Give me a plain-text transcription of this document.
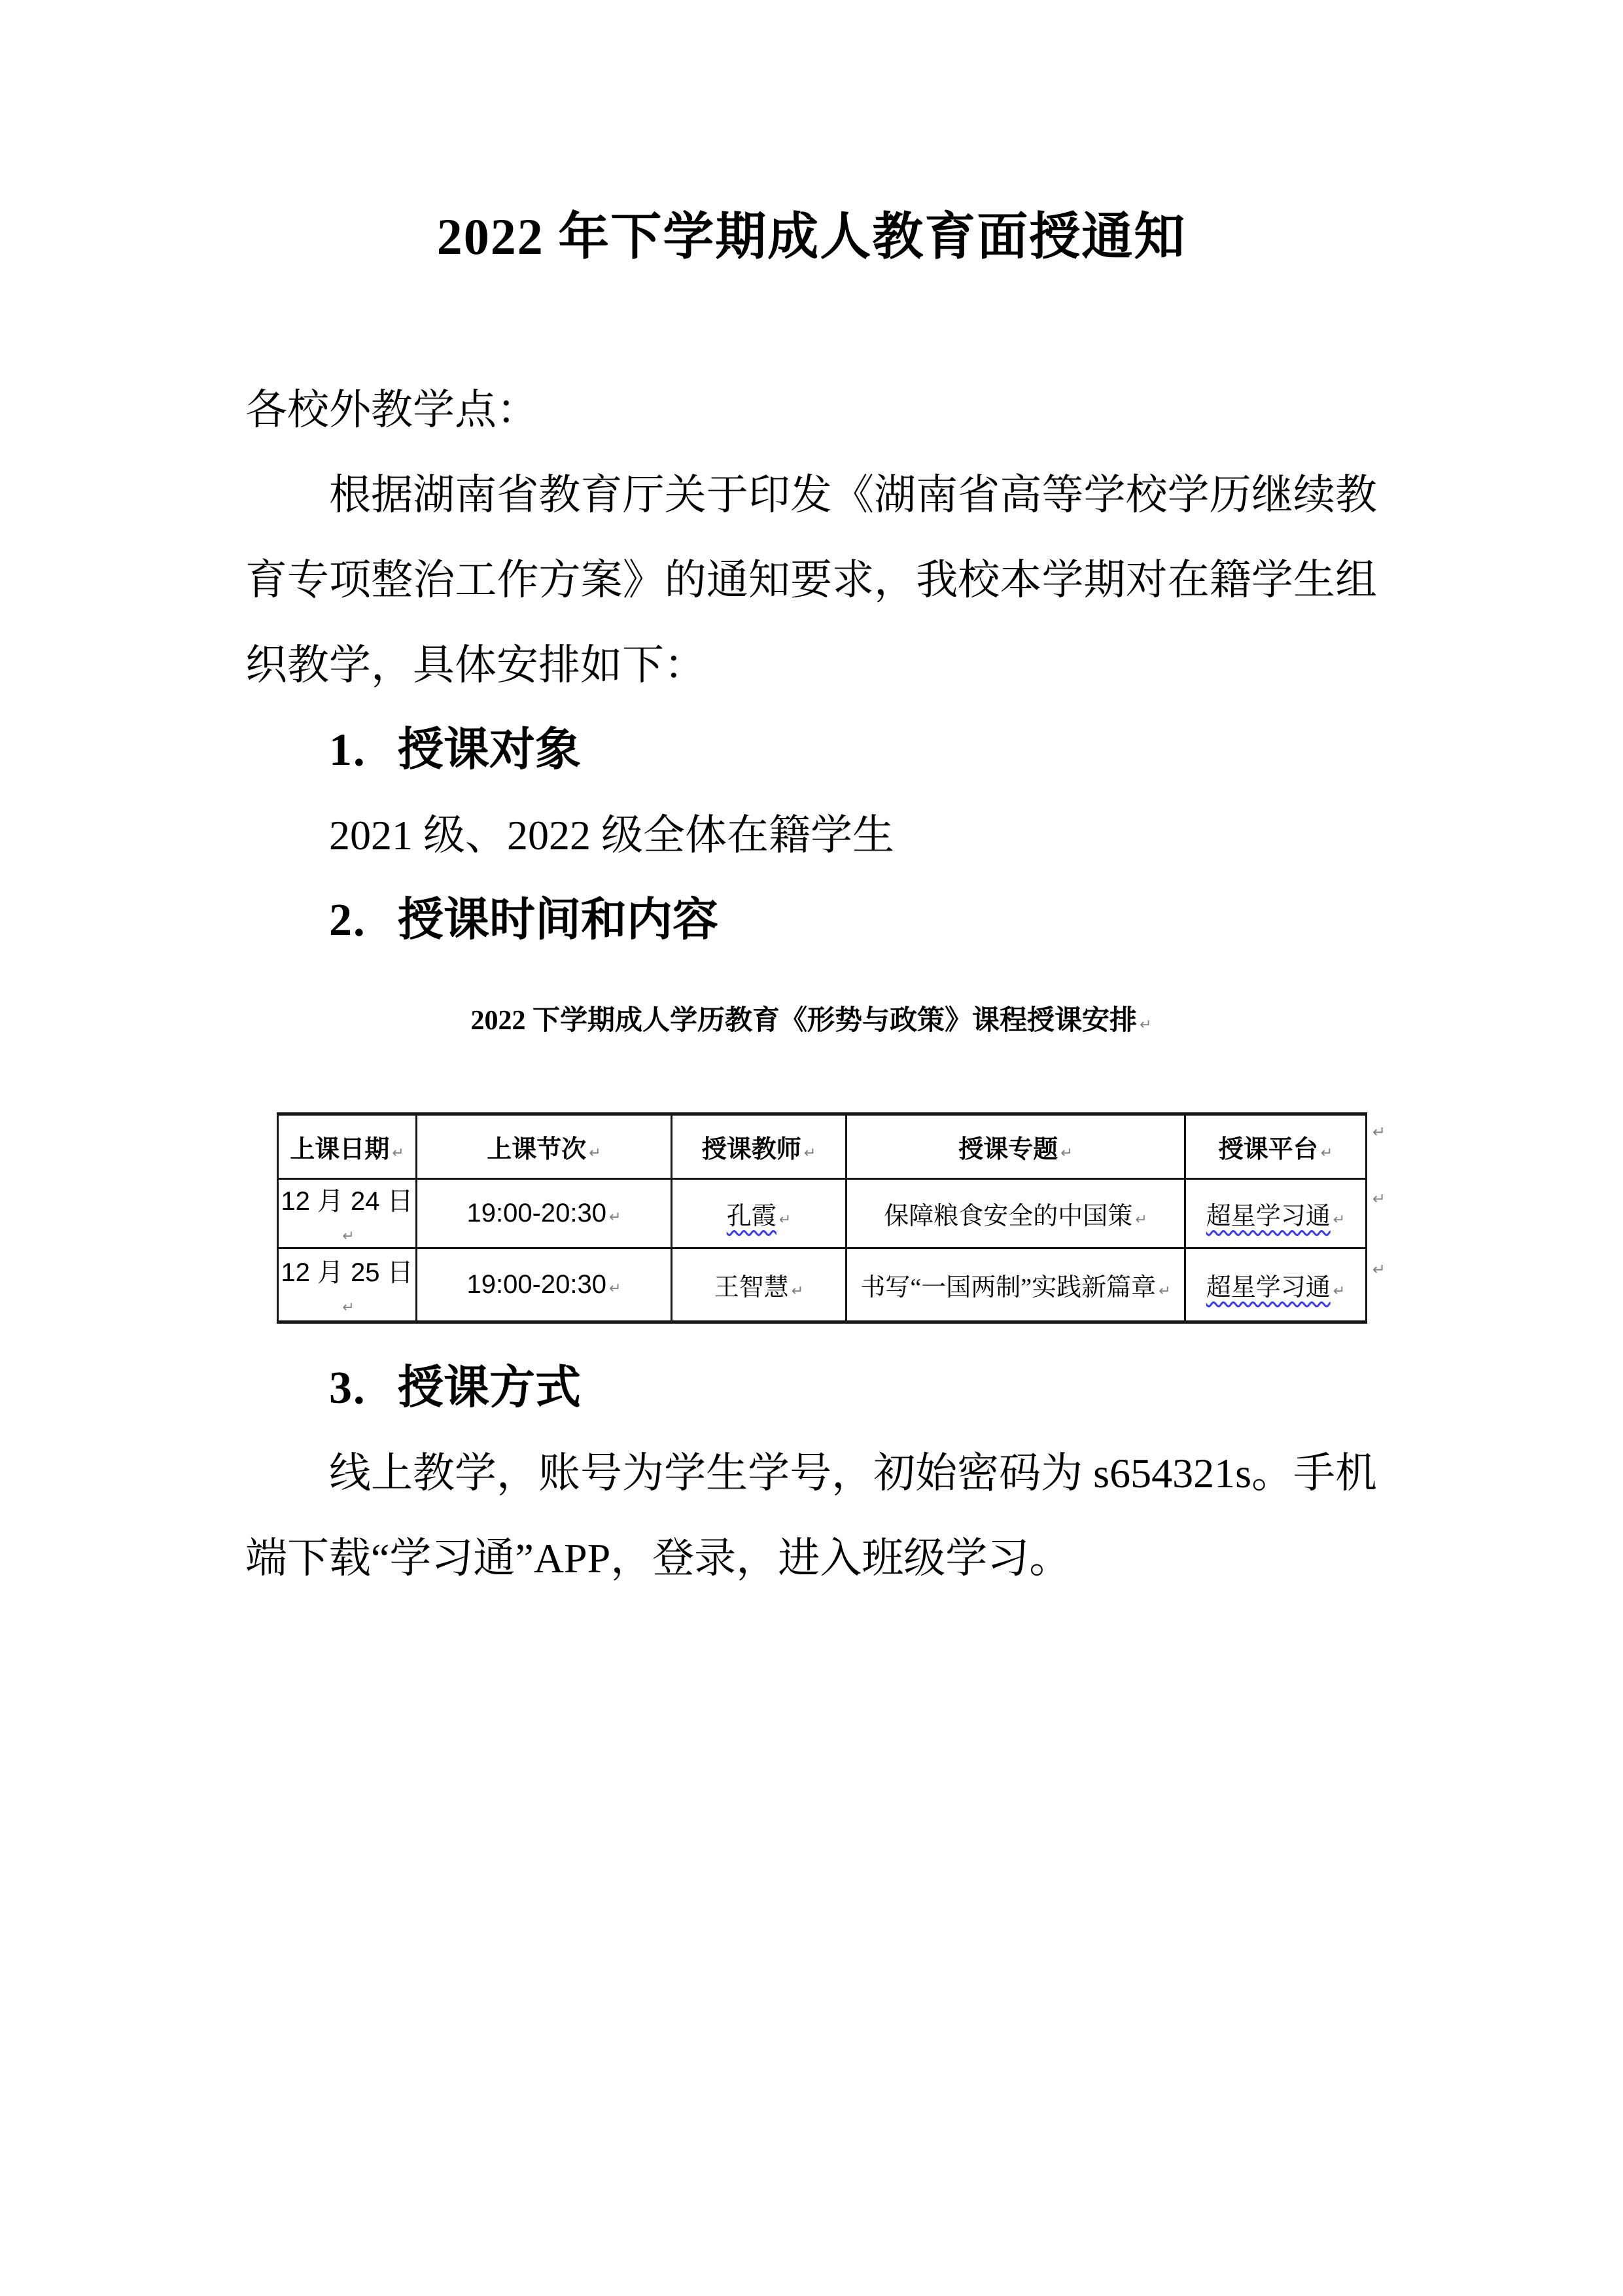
2022 年下学期成人教育面授通知

各校外教学点：

根据湖南省教育厅关于印发《湖南省高等学校学历继续教育专项整治工作方案》的通知要求，我校本学期对在籍学生组织教学，具体安排如下：

1．授课对象

2021 级、2022 级全体在籍学生

2．授课时间和内容

2022 下学期成人学历教育《形势与政策》课程授课安排 ↵
上课日期 ↵	上课节次 ↵	授课教师 ↵	授课专题 ↵	授课平台 ↵
12 月 24 日↵	19:00-20:30 ↵	孔霞 ↵	保障粮食安全的中国策 ↵	超星学习通 ↵
12 月 25 日↵	19:00-20:30 ↵	王智慧 ↵	书写“一国两制”实践新篇章 ↵	超星学习通 ↵
↵
↵
↵

3．授课方式

线上教学，账号为学生学号，初始密码为 s654321s。手机端下载“学习通”APP，登录，进入班级学习。
